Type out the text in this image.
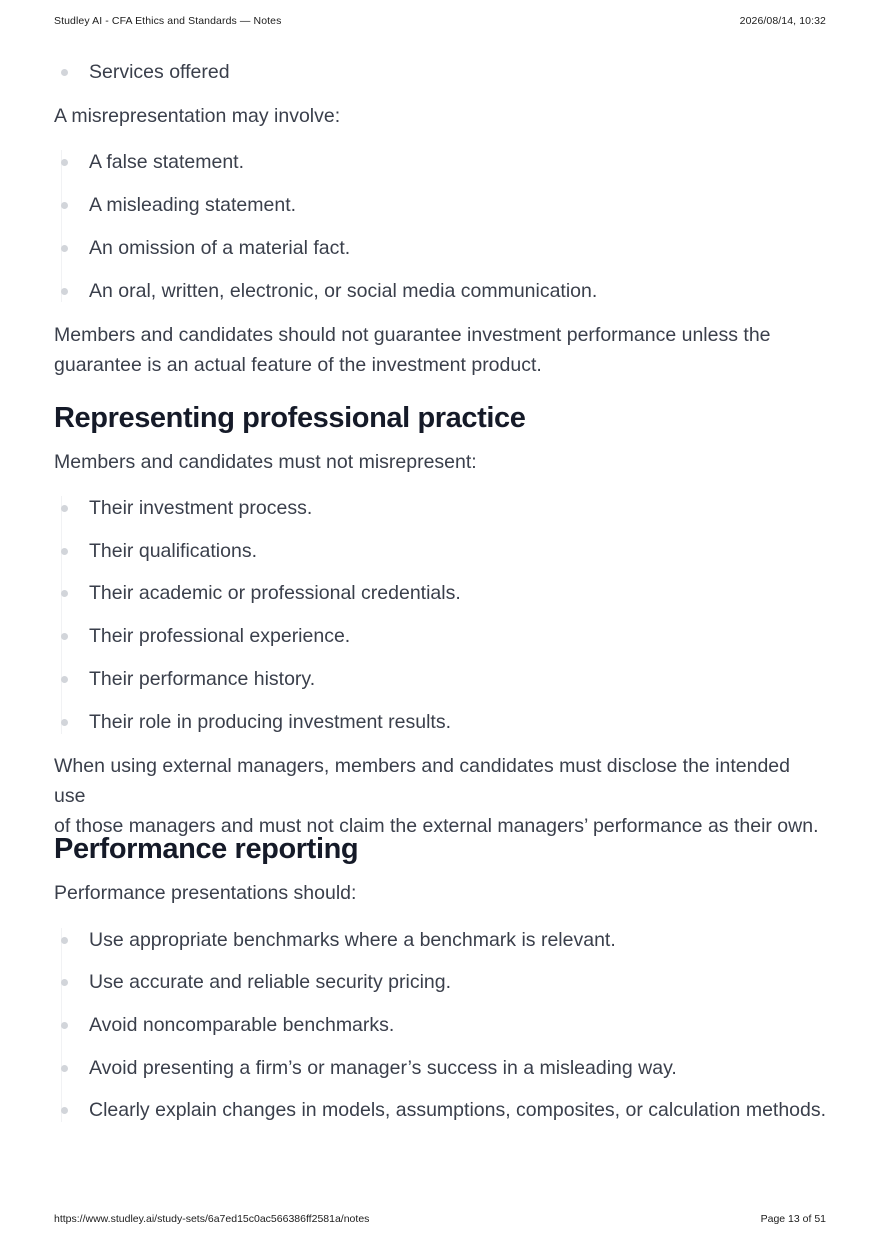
Studley AI - CFA Ethics and Standards — Notes	2026/08/14, 10:32
Services offered
A misrepresentation may involve:
A false statement.
A misleading statement.
An omission of a material fact.
An oral, written, electronic, or social media communication.
Members and candidates should not guarantee investment performance unless the
guarantee is an actual feature of the investment product.
Representing professional practice
Members and candidates must not misrepresent:
Their investment process.
Their qualifications.
Their academic or professional credentials.
Their professional experience.
Their performance history.
Their role in producing investment results.
When using external managers, members and candidates must disclose the intended use
of those managers and must not claim the external managers’ performance as their own.
Performance reporting
Performance presentations should:
Use appropriate benchmarks where a benchmark is relevant.
Use accurate and reliable security pricing.
Avoid noncomparable benchmarks.
Avoid presenting a firm’s or manager’s success in a misleading way.
Clearly explain changes in models, assumptions, composites, or calculation methods.
https://www.studley.ai/study-sets/6a7ed15c0ac566386ff2581a/notes	Page 13 of 51
